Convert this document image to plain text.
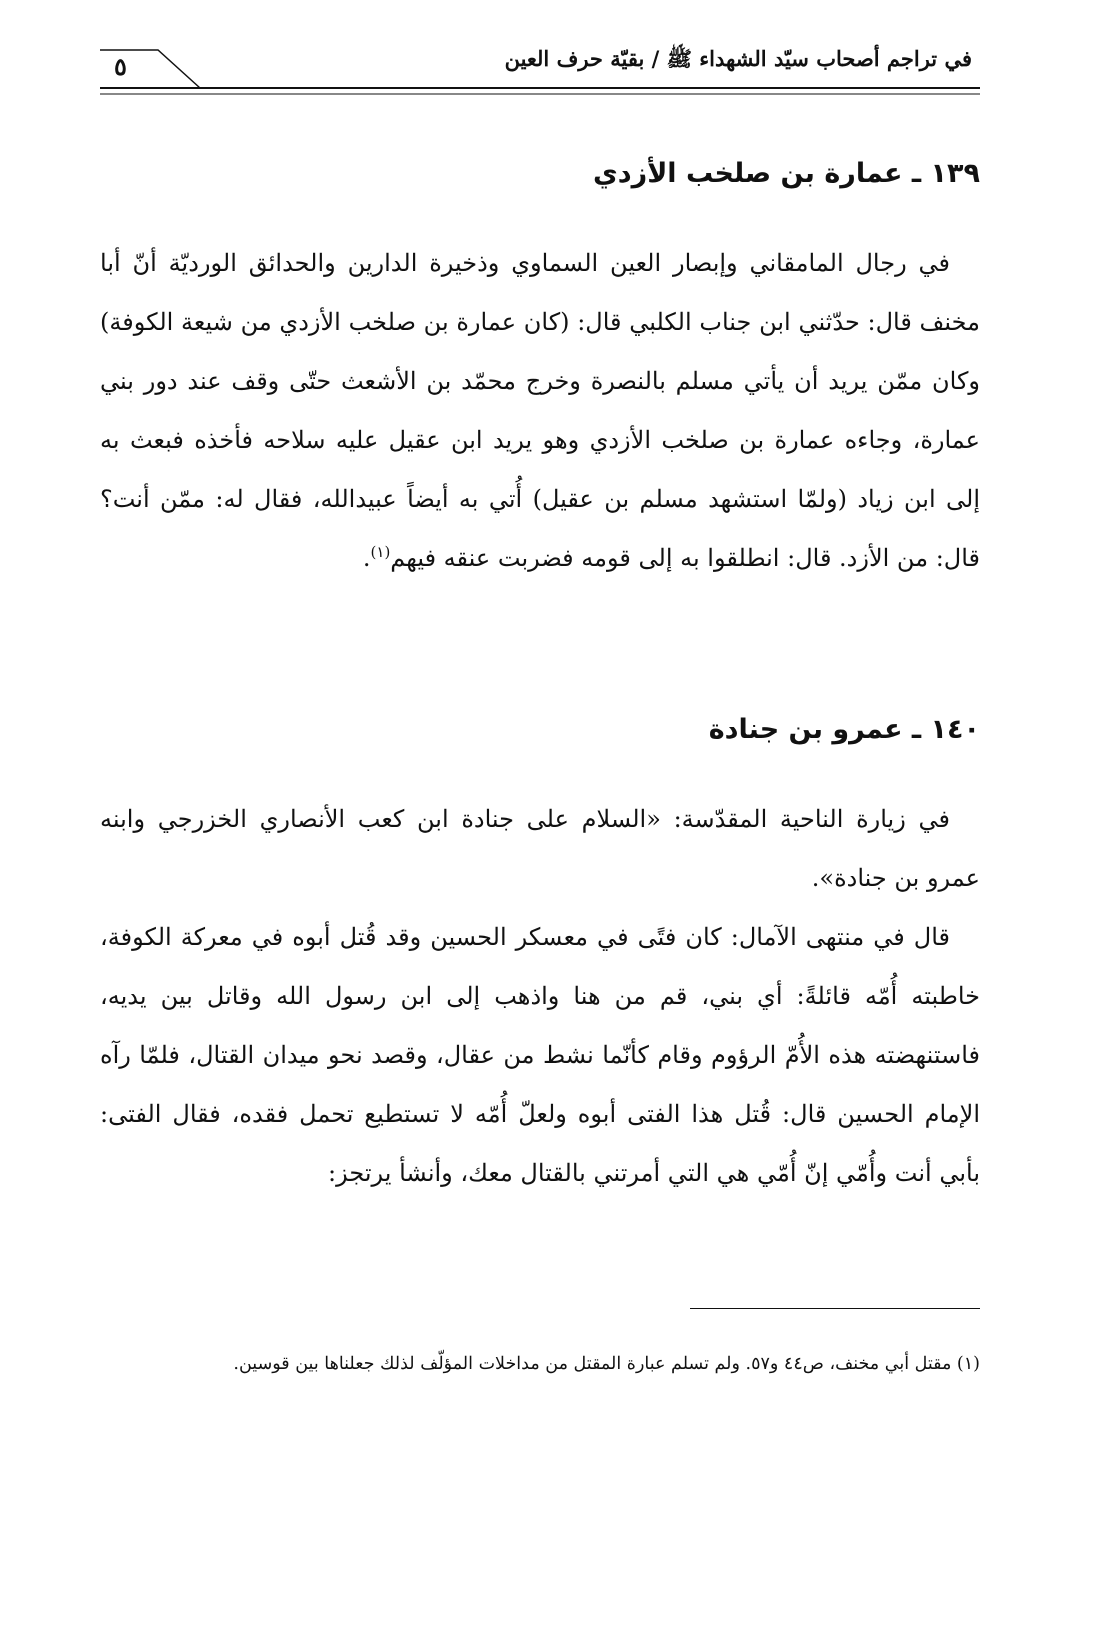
٥	في تراجم أصحاب سيّد الشهداء ﷺ / بقيّة حرف العين
١٣٩ ـ عمارة بن صلخب الأزدي

في رجال المامقاني وإبصار العين السماوي وذخيرة الدارين والحدائق الورديّة أنّ أبا مخنف قال: حدّثني ابن جناب الكلبي قال: (كان عمارة بن صلخب الأزدي من شيعة الكوفة) وكان ممّن يريد أن يأتي مسلم بالنصرة وخرج محمّد بن الأشعث حتّى وقف عند دور بني عمارة، وجاءه عمارة بن صلخب الأزدي وهو يريد ابن عقيل عليه سلاحه فأخذه فبعث به إلى ابن زياد (ولمّا استشهد مسلم بن عقيل) أُتي به أيضاً عبيدالله، فقال له: ممّن أنت؟ قال: من الأزد. قال: انطلقوا به إلى قومه فضربت عنقه فيهم$^{(١)}$.

١٤٠ ـ عمرو بن جنادة

في زيارة الناحية المقدّسة: «السلام على جنادة ابن كعب الأنصاري الخزرجي وابنه عمرو بن جنادة».

قال في منتهى الآمال: كان فتًى في معسكر الحسين وقد قُتل أبوه في معركة الكوفة، خاطبته أُمّه قائلةً: أي بني، قم من هنا واذهب إلى ابن رسول الله وقاتل بين يديه، فاستنهضته هذه الأُمّ الرؤوم وقام كأنّما نشط من عقال، وقصد نحو ميدان القتال، فلمّا رآه الإمام الحسين قال: قُتل هذا الفتى أبوه ولعلّ أُمّه لا تستطيع تحمل فقده، فقال الفتى: بأبي أنت وأُمّي إنّ أُمّي هي التي أمرتني بالقتال معك، وأنشأ يرتجز:

(١) مقتل أبي مخنف، ص٤٤ و٥٧. ولم تسلم عبارة المقتل من مداخلات المؤلّف لذلك جعلناها بين قوسين.
